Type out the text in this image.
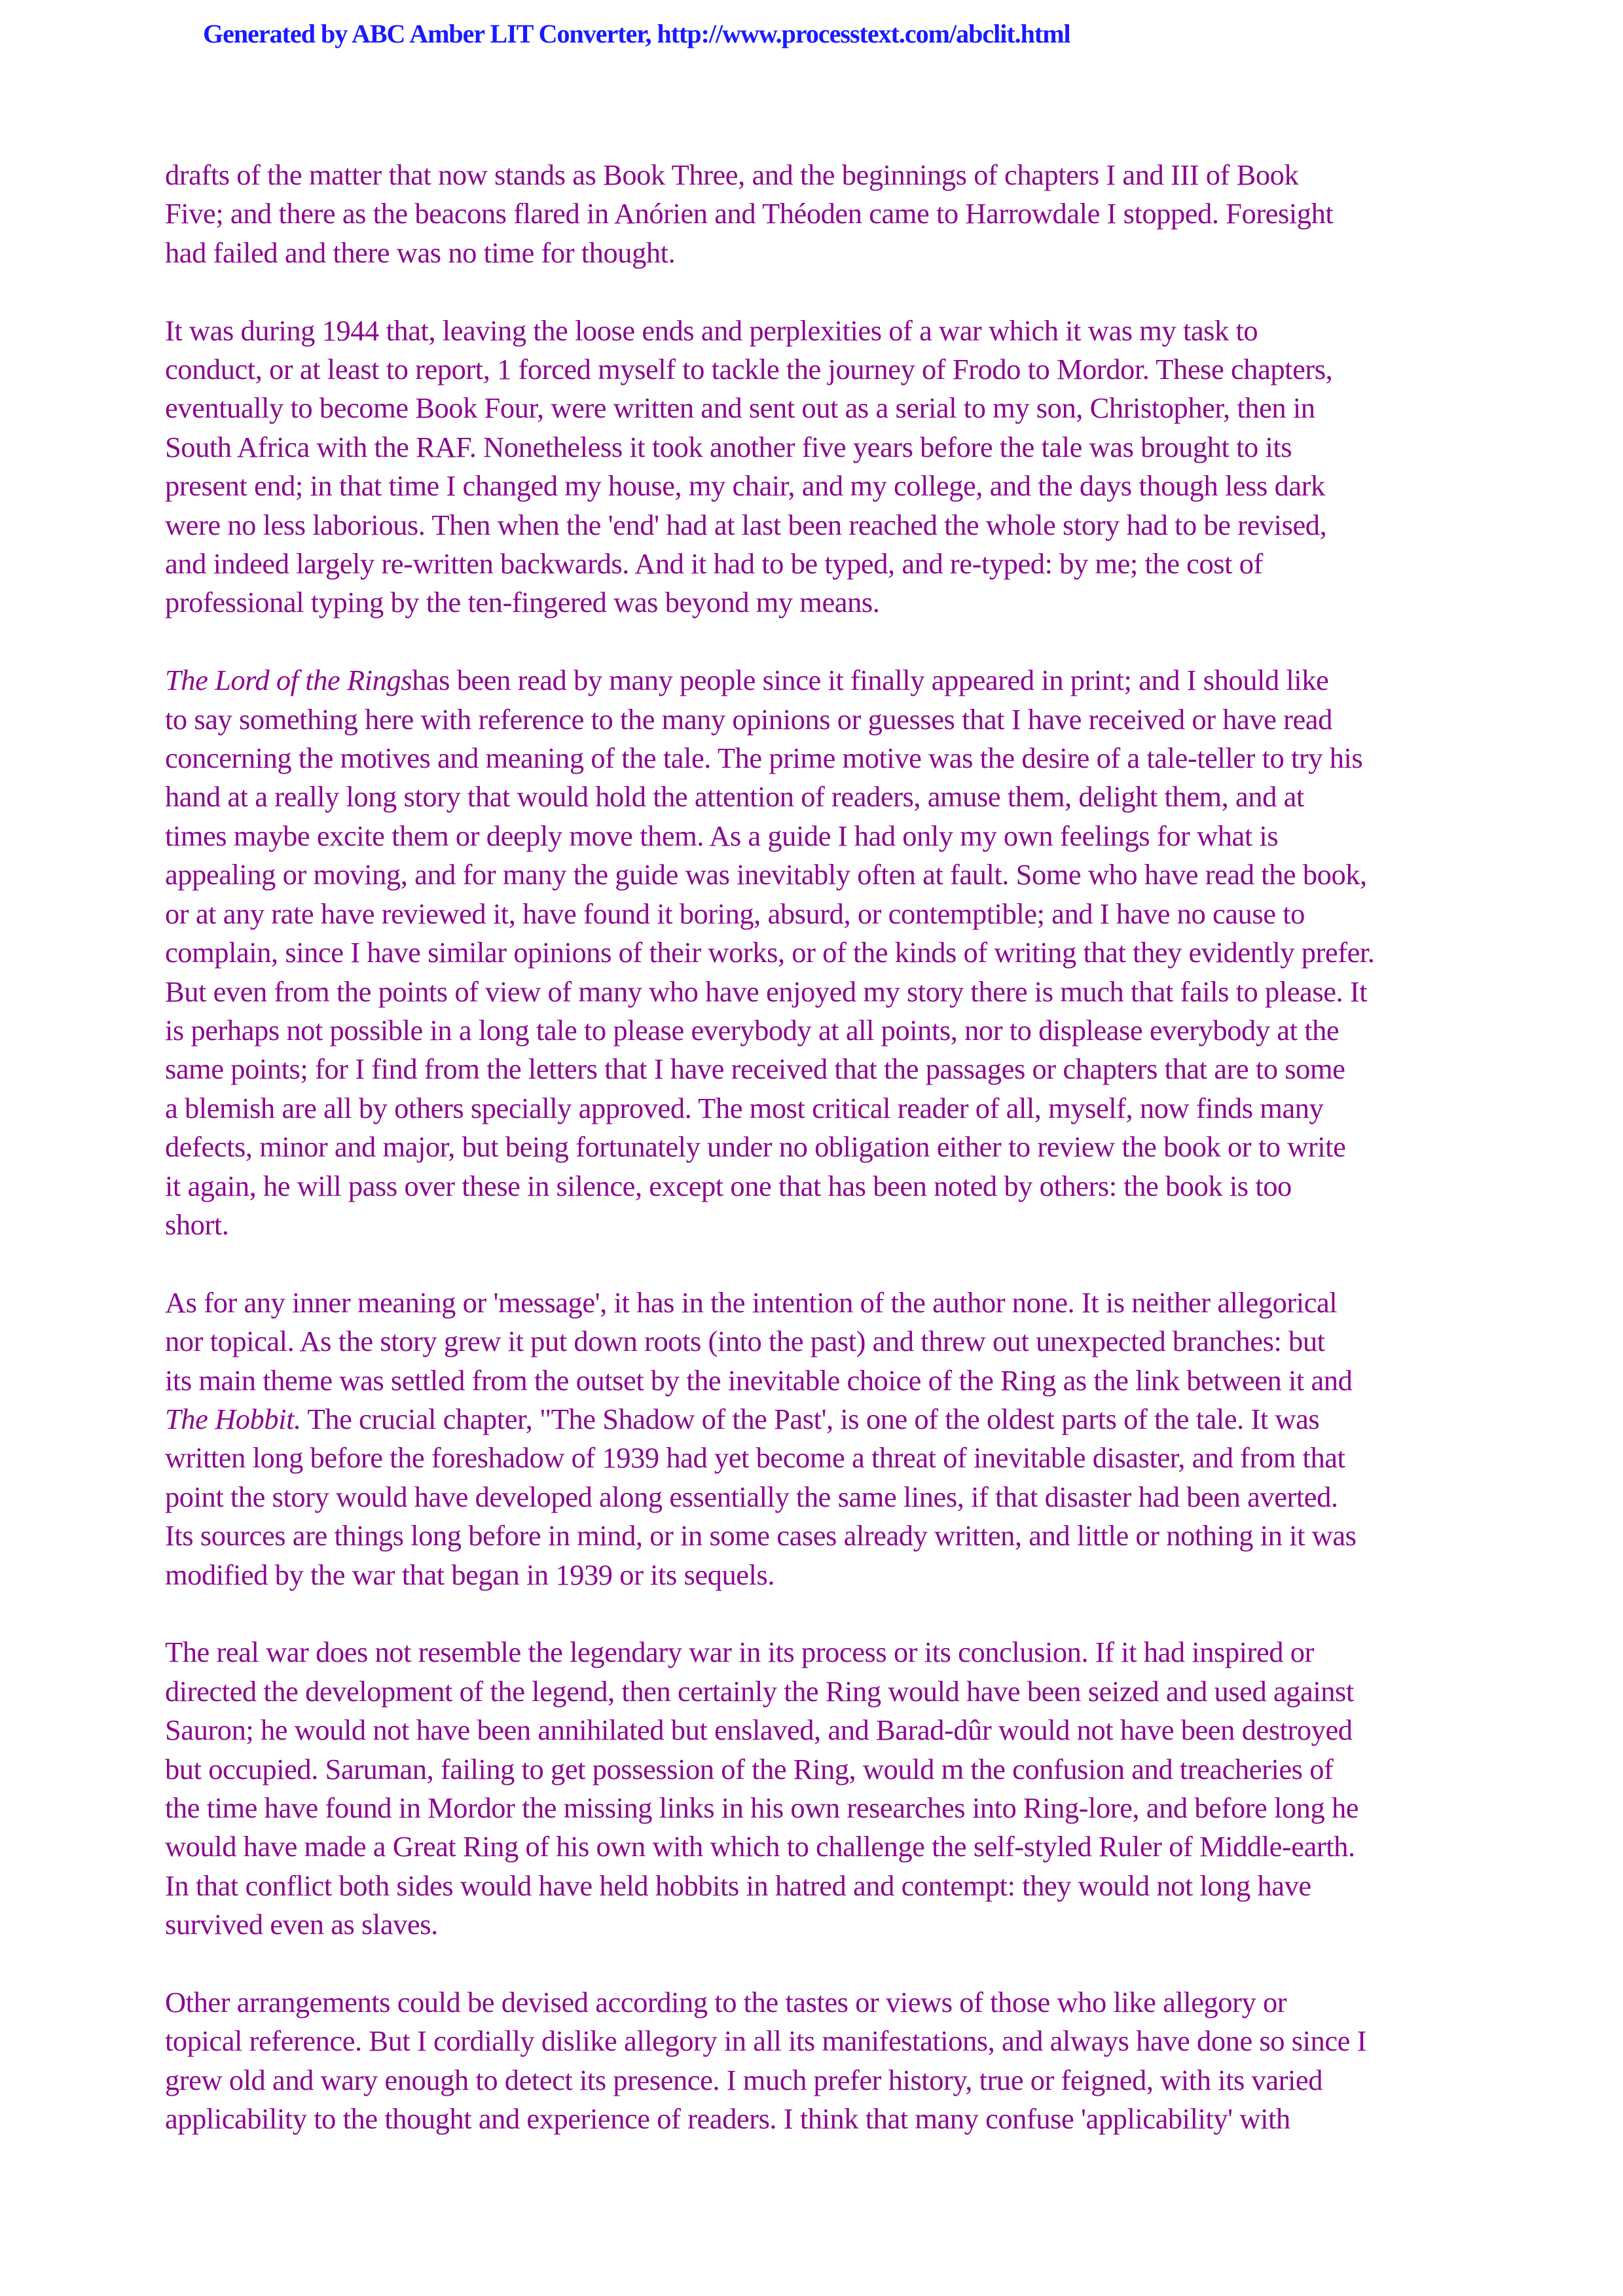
Generated by ABC Amber LIT Converter, http://www.processtext.com/abclit.html
drafts of the matter that now stands as Book Three, and the beginnings of chapters I and III of Book
Five; and there as the beacons flared in Anórien and Théoden came to Harrowdale I stopped. Foresight
had failed and there was no time for thought.
It was during 1944 that, leaving the loose ends and perplexities of a war which it was my task to
conduct, or at least to report, 1 forced myself to tackle the journey of Frodo to Mordor. These chapters,
eventually to become Book Four, were written and sent out as a serial to my son, Christopher, then in
South Africa with the RAF. Nonetheless it took another five years before the tale was brought to its
present end; in that time I changed my house, my chair, and my college, and the days though less dark
were no less laborious. Then when the 'end' had at last been reached the whole story had to be revised,
and indeed largely re-written backwards. And it had to be typed, and re-typed: by me; the cost of
professional typing by the ten-fingered was beyond my means.
The Lord of the Ringshas been read by many people since it finally appeared in print; and I should like
to say something here with reference to the many opinions or guesses that I have received or have read
concerning the motives and meaning of the tale. The prime motive was the desire of a tale-teller to try his
hand at a really long story that would hold the attention of readers, amuse them, delight them, and at
times maybe excite them or deeply move them. As a guide I had only my own feelings for what is
appealing or moving, and for many the guide was inevitably often at fault. Some who have read the book,
or at any rate have reviewed it, have found it boring, absurd, or contemptible; and I have no cause to
complain, since I have similar opinions of their works, or of the kinds of writing that they evidently prefer.
But even from the points of view of many who have enjoyed my story there is much that fails to please. It
is perhaps not possible in a long tale to please everybody at all points, nor to displease everybody at the
same points; for I find from the letters that I have received that the passages or chapters that are to some
a blemish are all by others specially approved. The most critical reader of all, myself, now finds many
defects, minor and major, but being fortunately under no obligation either to review the book or to write
it again, he will pass over these in silence, except one that has been noted by others: the book is too
short.
As for any inner meaning or 'message', it has in the intention of the author none. It is neither allegorical
nor topical. As the story grew it put down roots (into the past) and threw out unexpected branches: but
its main theme was settled from the outset by the inevitable choice of the Ring as the link between it and
The Hobbit. The crucial chapter, "The Shadow of the Past', is one of the oldest parts of the tale. It was
written long before the foreshadow of 1939 had yet become a threat of inevitable disaster, and from that
point the story would have developed along essentially the same lines, if that disaster had been averted.
Its sources are things long before in mind, or in some cases already written, and little or nothing in it was
modified by the war that began in 1939 or its sequels.
The real war does not resemble the legendary war in its process or its conclusion. If it had inspired or
directed the development of the legend, then certainly the Ring would have been seized and used against
Sauron; he would not have been annihilated but enslaved, and Barad-dûr would not have been destroyed
but occupied. Saruman, failing to get possession of the Ring, would m the confusion and treacheries of
the time have found in Mordor the missing links in his own researches into Ring-lore, and before long he
would have made a Great Ring of his own with which to challenge the self-styled Ruler of Middle-earth.
In that conflict both sides would have held hobbits in hatred and contempt: they would not long have
survived even as slaves.
Other arrangements could be devised according to the tastes or views of those who like allegory or
topical reference. But I cordially dislike allegory in all its manifestations, and always have done so since I
grew old and wary enough to detect its presence. I much prefer history, true or feigned, with its varied
applicability to the thought and experience of readers. I think that many confuse 'applicability' with
